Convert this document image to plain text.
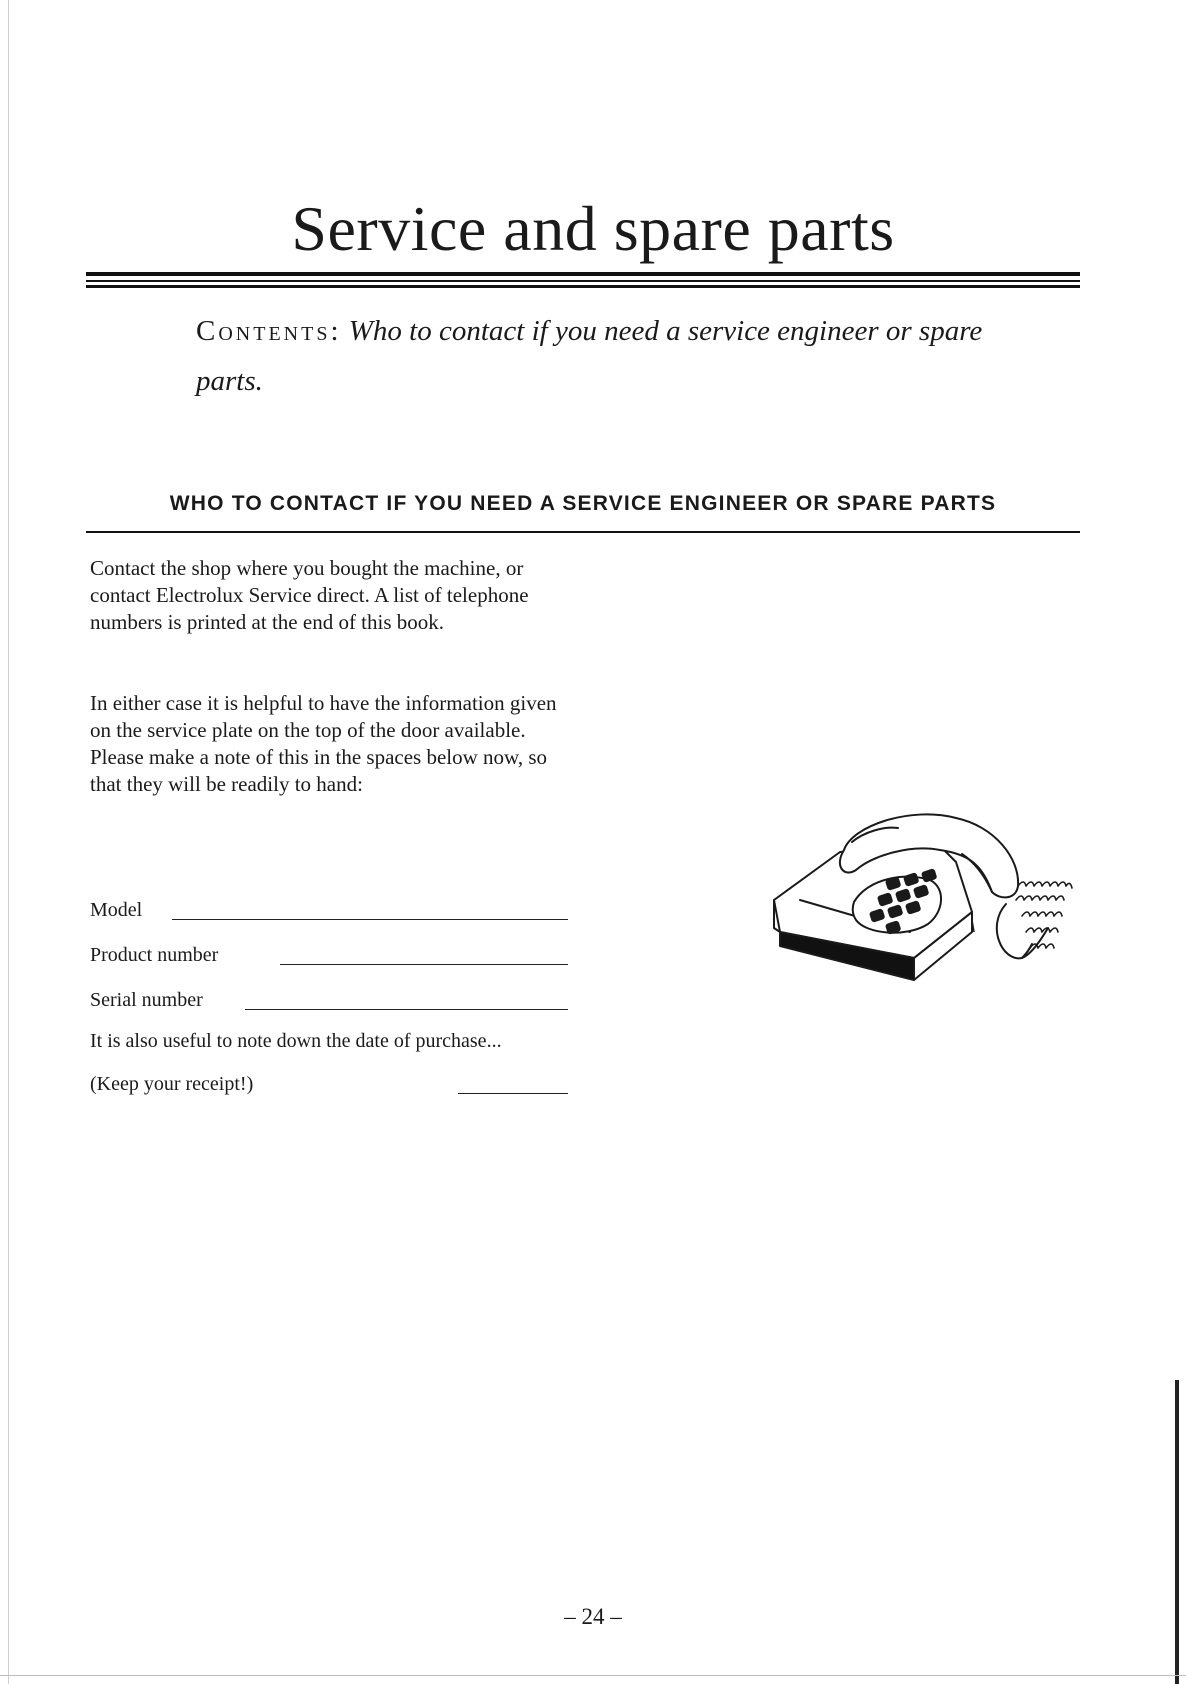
Service and spare parts
Contents: Who to contact if you need a service engineer or spare parts.
WHO TO CONTACT IF YOU NEED A SERVICE ENGINEER OR SPARE PARTS

Contact the shop where you bought the machine, or contact Electrolux Service direct. A list of telephone numbers is printed at the end of this book.

In either case it is helpful to have the information given on the service plate on the top of the door available. Please make a note of this in the spaces below now, so that they will be readily to hand:

Model
Product number
Serial number

It is also useful to note down the date of purchase...

(Keep your receipt!)

– 24 –
